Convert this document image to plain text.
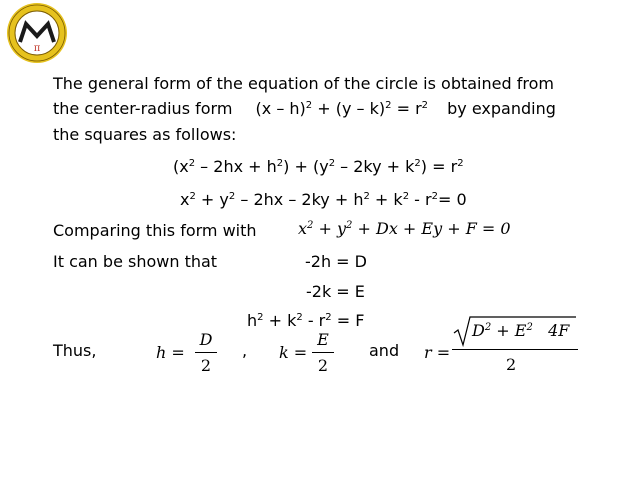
π
The general form of the equation of the circle is obtained from
the center-radius form $(x - h)^2 + (y - k)^2 = r^2$ by expanding
the squares as follows:
$(x^2 - 2hx + h^2) + (y^2 - 2ky + k^2) = r^2$
$x^2 + y^2 - 2hx - 2ky + h^2 + k^2 - r^2= 0$
Comparing this form with	$x^2 + y^2 + Dx + Ey + F = 0$
It can be shown that	-2h = D
-2k = E
$h^2 + k^2 - r^2 = F$
Thus,	h =
D
2
, k =
E
2
and r =
$D^2 + E^2$   4F
2
